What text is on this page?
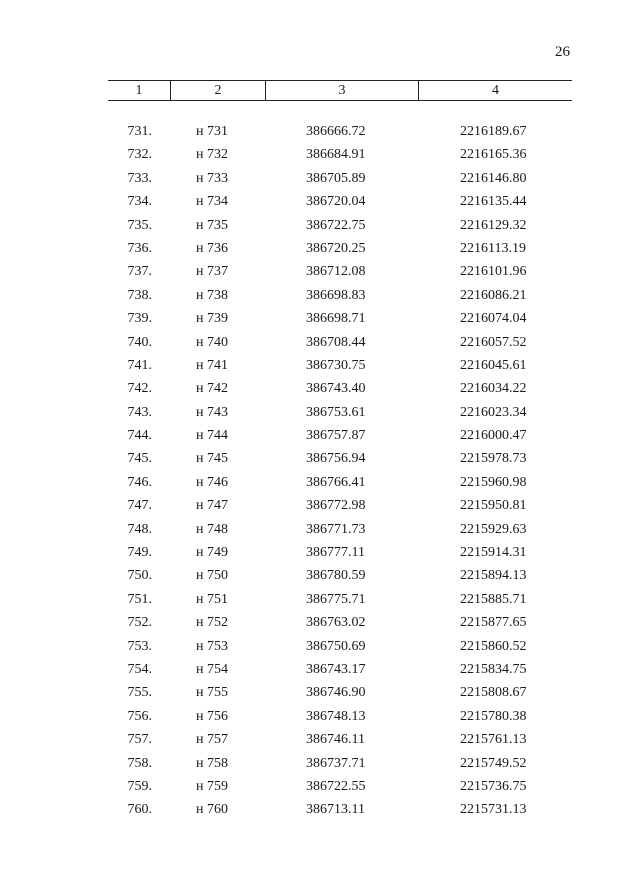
26
1	2	3	4
731.	н 731	386666.72	2216189.67
732.	н 732	386684.91	2216165.36
733.	н 733	386705.89	2216146.80
734.	н 734	386720.04	2216135.44
735.	н 735	386722.75	2216129.32
736.	н 736	386720.25	2216113.19
737.	н 737	386712.08	2216101.96
738.	н 738	386698.83	2216086.21
739.	н 739	386698.71	2216074.04
740.	н 740	386708.44	2216057.52
741.	н 741	386730.75	2216045.61
742.	н 742	386743.40	2216034.22
743.	н 743	386753.61	2216023.34
744.	н 744	386757.87	2216000.47
745.	н 745	386756.94	2215978.73
746.	н 746	386766.41	2215960.98
747.	н 747	386772.98	2215950.81
748.	н 748	386771.73	2215929.63
749.	н 749	386777.11	2215914.31
750.	н 750	386780.59	2215894.13
751.	н 751	386775.71	2215885.71
752.	н 752	386763.02	2215877.65
753.	н 753	386750.69	2215860.52
754.	н 754	386743.17	2215834.75
755.	н 755	386746.90	2215808.67
756.	н 756	386748.13	2215780.38
757.	н 757	386746.11	2215761.13
758.	н 758	386737.71	2215749.52
759.	н 759	386722.55	2215736.75
760.	н 760	386713.11	2215731.13
